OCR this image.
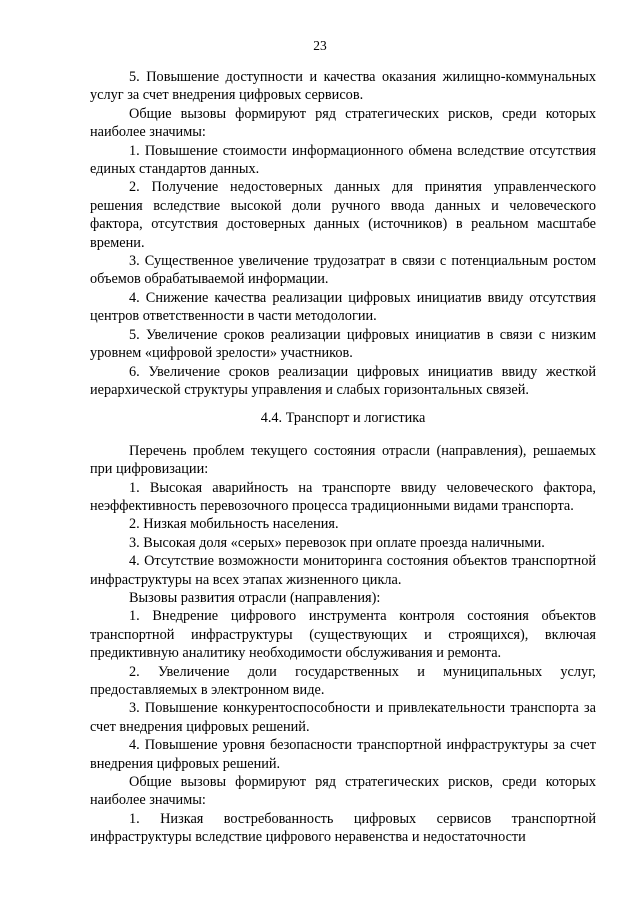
23

5. Повышение доступности и качества оказания жилищно-коммунальных услуг за счет внедрения цифровых сервисов.

Общие вызовы формируют ряд стратегических рисков, среди которых наиболее значимы:

1. Повышение стоимости информационного обмена вследствие отсутствия единых стандартов данных.

2. Получение недостоверных данных для принятия управленческого решения вследствие высокой доли ручного ввода данных и человеческого фактора, отсутствия достоверных данных (источников) в реальном масштабе времени.

3. Существенное увеличение трудозатрат в связи с потенциальным ростом объемов обрабатываемой информации.

4. Снижение качества реализации цифровых инициатив ввиду отсутствия центров ответственности в части методологии.

5. Увеличение сроков реализации цифровых инициатив в связи с низким уровнем «цифровой зрелости» участников.

6. Увеличение сроков реализации цифровых инициатив ввиду жесткой иерархической структуры управления и слабых горизонтальных связей.

4.4. Транспорт и логистика

Перечень проблем текущего состояния отрасли (направления), решаемых при цифровизации:

1. Высокая аварийность на транспорте ввиду человеческого фактора, неэффективность перевозочного процесса традиционными видами транспорта.

2. Низкая мобильность населения.

3. Высокая доля «серых» перевозок при оплате проезда наличными.

4. Отсутствие возможности мониторинга состояния объектов транспортной инфраструктуры на всех этапах жизненного цикла.

Вызовы развития отрасли (направления):

1. Внедрение цифрового инструмента контроля состояния объектов транспортной инфраструктуры (существующих и строящихся), включая предиктивную аналитику необходимости обслуживания и ремонта.

2. Увеличение доли государственных и муниципальных услуг, предоставляемых в электронном виде.

3. Повышение конкурентоспособности и привлекательности транспорта за счет внедрения цифровых решений.

4. Повышение уровня безопасности транспортной инфраструктуры за счет внедрения цифровых решений.

Общие вызовы формируют ряд стратегических рисков, среди которых наиболее значимы:

1. Низкая востребованность цифровых сервисов транспортной инфраструктуры вследствие цифрового неравенства и недостаточности
